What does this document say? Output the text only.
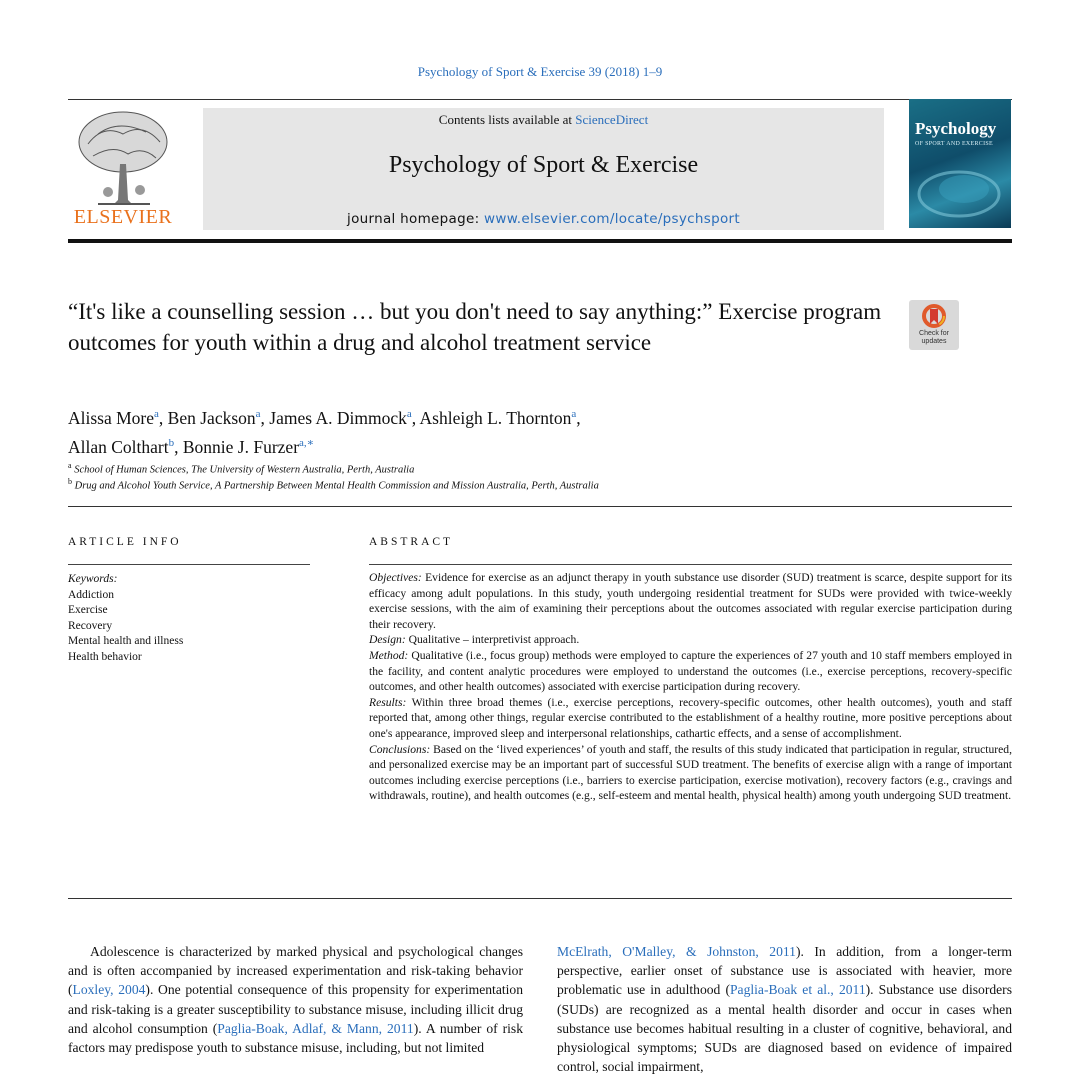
Psychology of Sport & Exercise 39 (2018) 1–9
ELSEVIER
Contents lists available at ScienceDirect
Psychology of Sport & Exercise
journal homepage: www.elsevier.com/locate/psychsport
Psychology
OF SPORT AND EXERCISE
“It's like a counselling session … but you don't need to say anything:” Exercise program outcomes for youth within a drug and alcohol treatment service	Check for updates
Alissa More$^a$, Ben Jackson$^a$, James A. Dimmock$^a$, Ashleigh L. Thornton$^a$,
Allan Colthart$^b$, Bonnie J. Furzer$^{a,∗}$
$^a$ School of Human Sciences, The University of Western Australia, Perth, Australia
$^b$ Drug and Alcohol Youth Service, A Partnership Between Mental Health Commission and Mission Australia, Perth, Australia
ARTICLE INFO	ABSTRACT
Keywords:
Addiction
Exercise
Recovery
Mental health and illness
Health behavior

Objectives: Evidence for exercise as an adjunct therapy in youth substance use disorder (SUD) treatment is scarce, despite support for its efficacy among adult populations. In this study, youth undergoing residential treatment for SUDs were provided with twice-weekly exercise sessions, with the aim of examining their perceptions about the outcomes associated with regular exercise participation during their recovery.

Design: Qualitative – interpretivist approach.

Method: Qualitative (i.e., focus group) methods were employed to capture the experiences of 27 youth and 10 staff members employed in the facility, and content analytic procedures were employed to understand the outcomes (i.e., exercise perceptions, recovery-specific outcomes, and other health outcomes) associated with exercise participation during recovery.

Results: Within three broad themes (i.e., exercise perceptions, recovery-specific outcomes, other health outcomes), youth and staff reported that, among other things, regular exercise contributed to the establishment of a healthy routine, more positive perceptions about one's appearance, improved sleep and interpersonal relationships, cathartic effects, and a sense of accomplishment.

Conclusions: Based on the ‘lived experiences’ of youth and staff, the results of this study indicated that participation in regular, structured, and personalized exercise may be an important part of successful SUD treatment. The benefits of exercise align with a range of important outcomes including exercise perceptions (i.e., barriers to exercise participation, exercise motivation), recovery factors (e.g., cravings and withdrawals, routine), and health outcomes (e.g., self-esteem and mental health, physical health) among youth undergoing SUD treatment.

Adolescence is characterized by marked physical and psychological changes and is often accompanied by increased experimentation and risk-taking behavior (Loxley, 2004). One potential consequence of this propensity for experimentation and risk-taking is a greater susceptibility to substance misuse, including illicit drug and alcohol consumption (Paglia-Boak, Adlaf, & Mann, 2011). A number of risk factors may predispose youth to substance misuse, including, but not limited

McElrath, O'Malley, & Johnston, 2011). In addition, from a longer-term perspective, earlier onset of substance use is associated with heavier, more problematic use in adulthood (Paglia-Boak et al., 2011). Substance use disorders (SUDs) are recognized as a mental health disorder and occur in cases when substance use becomes habitual resulting in a cluster of cognitive, behavioral, and physiological symptoms; SUDs are diagnosed based on evidence of impaired control, social impairment,
